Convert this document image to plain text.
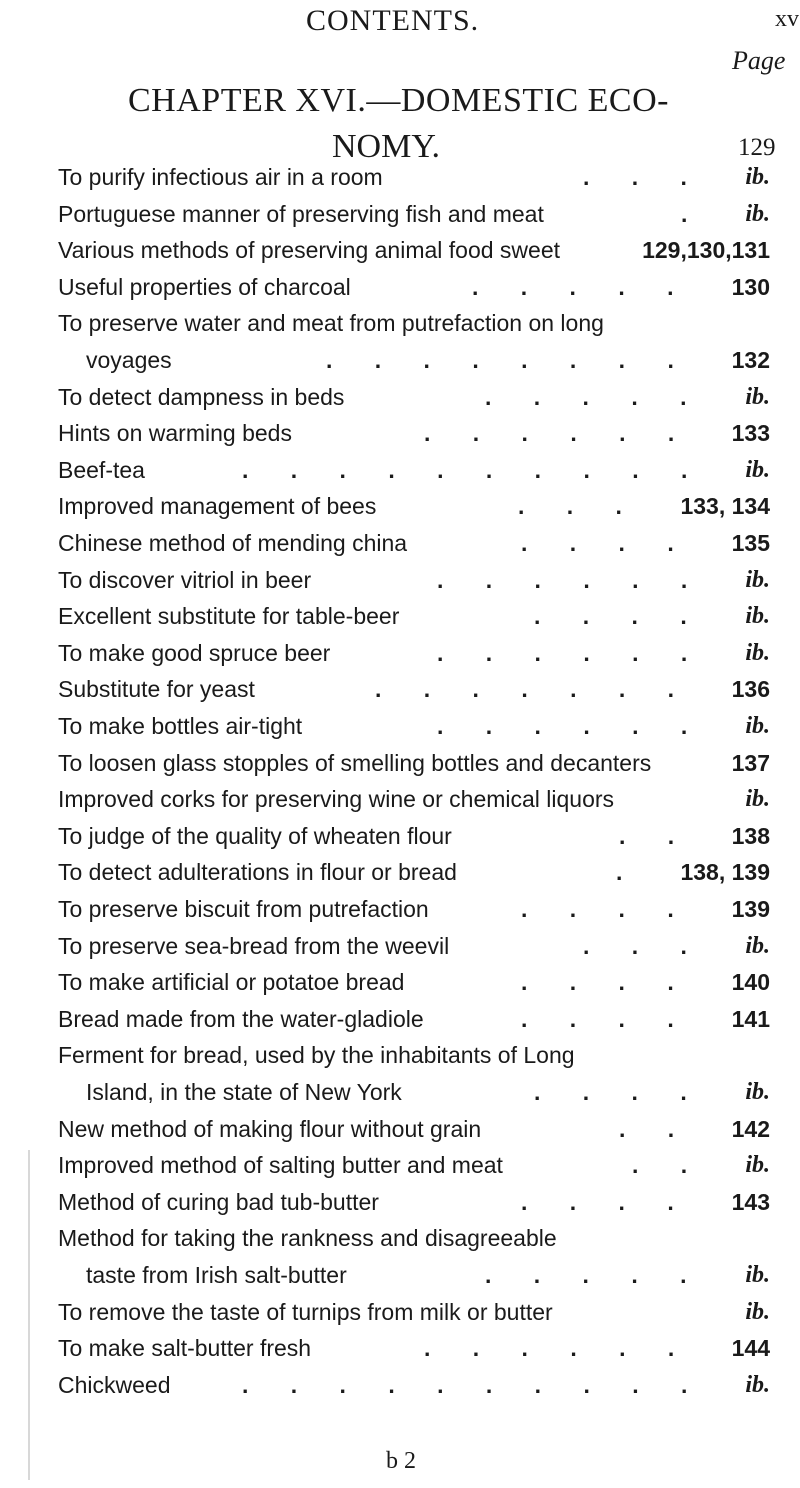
CONTENTS.	xv
Page
CHAPTER XVI.—DOMESTIC ECO-
NOMY.	129
To purify infectious air in a room	. . . ib.
Portuguese manner of preserving fish and meat	. ib.
Various methods of preserving animal food sweet	129,130,131
Useful properties of charcoal	. . . . . 130
To preserve water and meat from putrefaction on long
voyages	. . . . . . . . 132
To detect dampness in beds	. . . . . ib.
Hints on warming beds	. . . . . . 133
Beef-tea	. . . . . . . . . . ib.
Improved management of bees	. . . 133, 134
Chinese method of mending china	. . . . 135
To discover vitriol in beer	. . . . . . ib.
Excellent substitute for table-beer	. . . . ib.
To make good spruce beer	. . . . . . ib.
Substitute for yeast	. . . . . . . 136
To make bottles air-tight	. . . . . . ib.
To loosen glass stopples of smelling bottles and decanters	137
Improved corks for preserving wine or chemical liquors	ib.
To judge of the quality of wheaten flour	. . 138
To detect adulterations in flour or bread	. 138, 139
To preserve biscuit from putrefaction	. . . . 139
To preserve sea-bread from the weevil	. . . ib.
To make artificial or potatoe bread	. . . . 140
Bread made from the water-gladiole	. . . . 141
Ferment for bread, used by the inhabitants of Long
Island, in the state of New York	. . . . ib.
New method of making flour without grain	. . 142
Improved method of salting butter and meat	. . ib.
Method of curing bad tub-butter	. . . . 143
Method for taking the rankness and disagreeable
taste from Irish salt-butter	. . . . . ib.
To remove the taste of turnips from milk or butter	ib.
To make salt-butter fresh	. . . . . . 144
Chickweed	. . . . . . . . . . ib.
b 2
